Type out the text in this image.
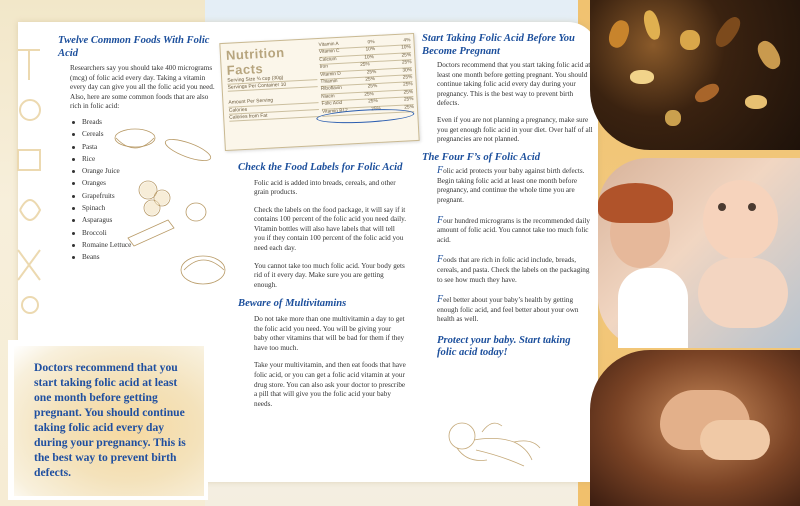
Twelve Common Foods With Folic Acid

Researchers say you should take 400 micrograms (mcg) of folic acid every day. Taking a vitamin every day can give you all the folic acid you need. Also, here are some common foods that are also rich in folic acid:

Breads
Cereals
Pasta
Rice
Orange Juice
Oranges
Grapefruits
Spinach
Asparagus
Broccoli
Romaine Lettuce
Beans
Nutrition Facts
Serving Size ¾ cup (30g)
Servings Per Container 10
Amount Per Serving
Calories
Calories from Fat
Vitamin A	0%	4%
Vitamin C	10%	10%
Calcium	10%	25%
Iron	25%	25%
Vitamin D	25%	30%
Thiamin	25%	25%
Riboflavin	25%	25%
Niacin	25%	25%
Folic Acid	25%	25%
Vitamin B12	25%	25%
Check the Food Labels for Folic Acid

Folic acid is added into breads, cereals, and other grain products.

Check the labels on the food package, it will say if it contains 100 percent of the folic acid you need daily. Vitamin bottles will also have labels that will tell you if they contain 100 percent of the folic acid you need each day.

You cannot take too much folic acid. Your body gets rid of it every day. Make sure you are getting enough.

Beware of Multivitamins

Do not take more than one multivitamin a day to get the folic acid you need. You will be giving your baby other vitamins that will be bad for them if they have too much.

Take your multivitamin, and then eat foods that have folic acid, or you can get a folic acid vitamin at your drug store. You can also ask your doctor to prescribe a pill that will give you the folic acid your baby needs.

Start Taking Folic Acid Before You Become Pregnant

Doctors recommend that you start taking folic acid at least one month before getting pregnant. You should continue taking folic acid every day during your pregnancy. This is the best way to prevent birth defects.

Even if you are not planning a pregnancy, make sure you get enough folic acid in your diet. Over half of all pregnancies are not planned.

The Four F’s of Folic Acid

Folic acid protects your baby against birth defects. Begin taking folic acid at least one month before pregnancy, and continue the whole time you are pregnant.

Four hundred micrograms is the recommended daily amount of folic acid. You cannot take too much folic acid.

Foods that are rich in folic acid include, breads, cereals, and pasta. Check the labels on the packaging to see how much they have.

Feel better about your baby’s health by getting enough folic acid, and feel better about your own health as well.

Protect your baby. Start taking folic acid today!

Doctors recommend that you start taking folic acid at least one month before getting pregnant. You should continue taking folic acid every day during your pregnancy. This is the best way to prevent birth defects.
